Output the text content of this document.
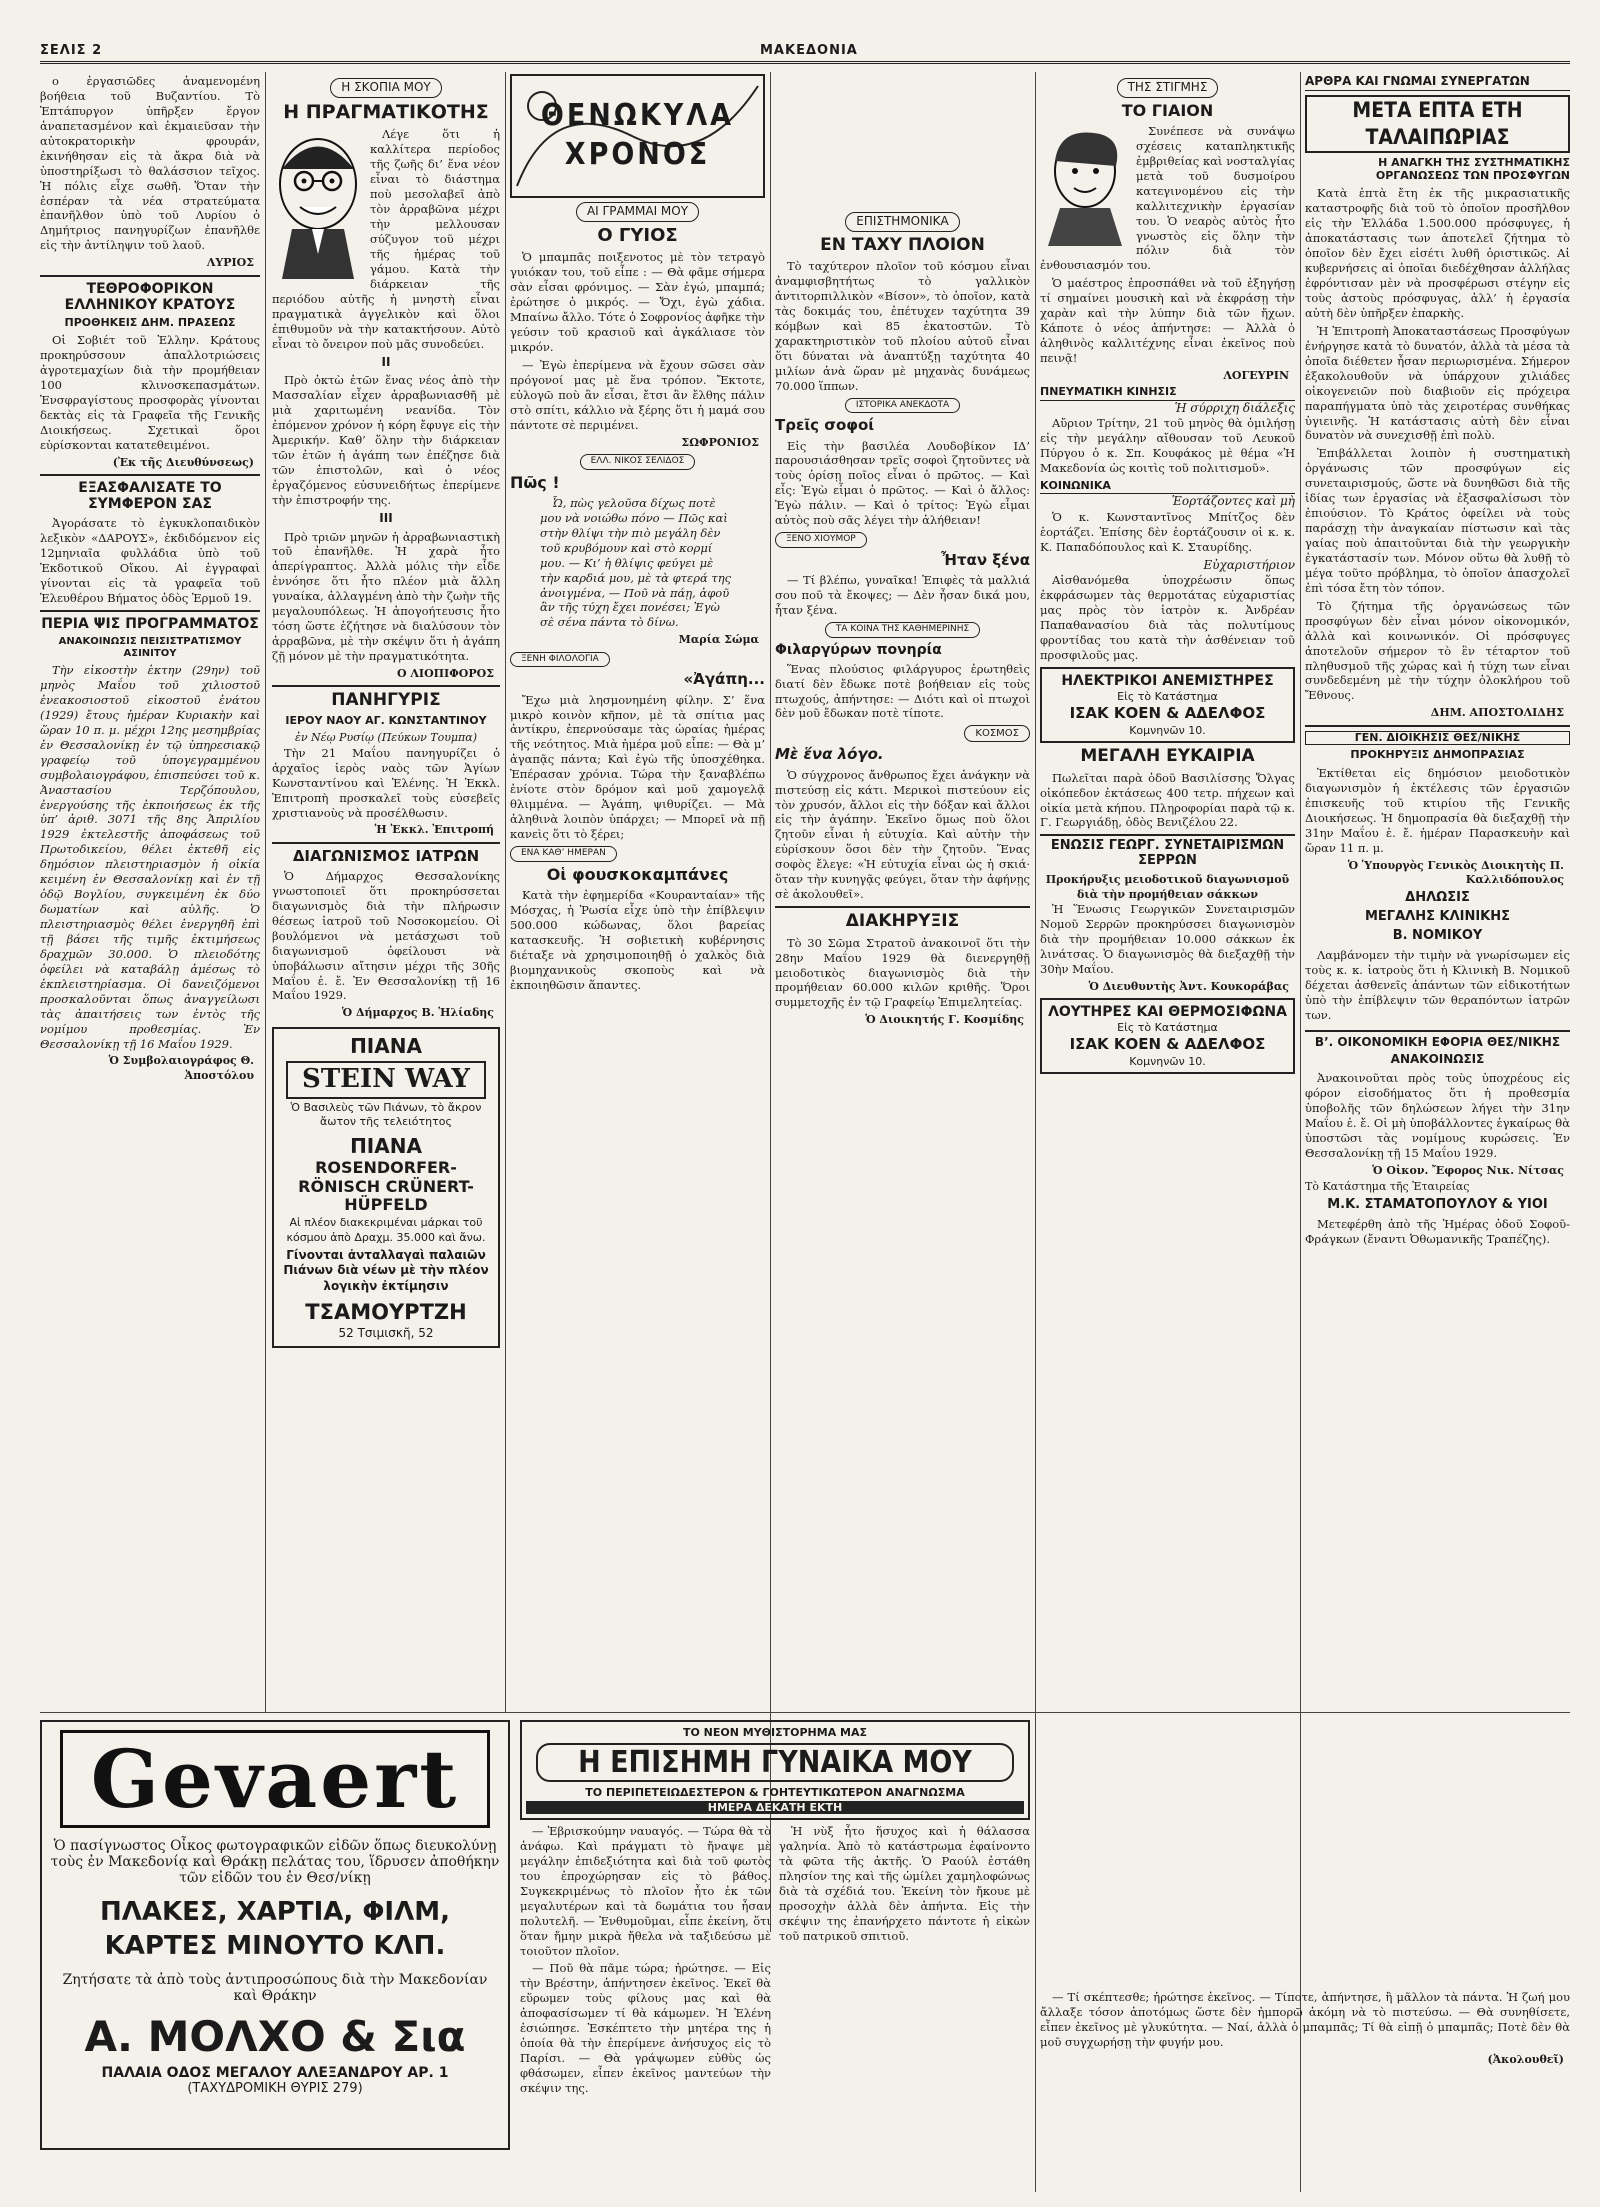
ΣΕΛΙΣ 2	ΜΑΚΕΔΟΝΙΑ

ο ἐργασιῶδες ἀναμενομένη βοήθεια τοῦ Βυζαντίου. Τὸ Ἑπτάπυργον ὑπῆρξεν ἔργον ἀναπετασμένον καὶ ἐκμαιεῦσαν τὴν αὐτοκρατορικὴν φρουράν, ἐκινήθησαν εἰς τὰ ἄκρα διὰ νὰ ὑποστηρίξωσι τὸ θαλάσσιον τεῖχος. Ἡ πόλις εἶχε σωθῆ. Ὅταν τὴν ἑσπέραν τὰ νέα στρατεύματα ἐπανῆλθον ὑπὸ τοῦ Λυρίου ὁ Δημήτριος πανηγυρίζων ἐπανῆλθε εἰς τὴν ἀντίληψιν τοῦ λαοῦ.

ΛΥΡΙΟΣ
ΤΕΘΡΟΦΟΡΙΚΟΝ ΕΛΛΗΝΙΚΟΥ ΚΡΑΤΟΥΣ
ΠΡΟΘΗΚΕΙΣ ΔΗΜ. ΠΡΑΣΕΩΣ

Οἱ Σοβιέτ τοῦ Ἑλλην. Κράτους προκηρύσσουν ἀπαλλοτριώσεις ἀγροτεμαχίων διὰ τὴν προμήθειαν 100 κλινοσκεπασμάτων. Ἐνσφραγίστους προσφορὰς γίνονται δεκτὰς εἰς τὰ Γραφεῖα τῆς Γενικῆς Διοικήσεως. Σχετικαὶ ὅροι εὑρίσκονται κατατεθειμένοι.

(Ἐκ τῆς Διευθύνσεως)
ΕΞΑΣΦΑΛΙΣΑΤΕ ΤΟ ΣΥΜΦΕΡΟΝ ΣΑΣ

Ἀγοράσατε τὸ ἐγκυκλοπαιδικὸν λεξικὸν «ΔΑΡΟΥΣ», ἐκδιδόμενον εἰς 12μηνιαῖα φυλλάδια ὑπὸ τοῦ Ἐκδοτικοῦ Οἴκου. Αἱ ἐγγραφαὶ γίνονται εἰς τὰ γραφεῖα τοῦ Ἑλευθέρου Βήματος ὁδὸς Ἑρμοῦ 19.

ΠΕΡΙΑ ΨΙΣ ΠΡΟΓΡΑΜΜΑΤΟΣ
ΑΝΑΚΟΙΝΩΣΙΣ ΠΕΙΣΙΣΤΡΑΤΙΣΜΟΥ ΑΣΙΝΙΤΟΥ

Τὴν εἰκοστὴν ἑκτην (29ην) τοῦ μηνὸς Μαΐου τοῦ χιλιοστοῦ ἐνεακοσιοστοῦ εἰκοστοῦ ἐνάτου (1929) ἔτους ἡμέραν Κυριακὴν καὶ ὥραν 10 π. μ. μέχρι 12ης μεσημβρίας ἐν Θεσσαλονίκῃ ἐν τῷ ὑπηρεσιακῷ γραφείῳ τοῦ ὑπογεγραμμένου συμβολαιογράφου, ἐπισπεύσει τοῦ κ. Ἀναστασίου Τερζόπουλου, ἐνεργούσης τῆς ἐκποιήσεως ἐκ τῆς ὑπ’ ἀριθ. 3071 τῆς 8ης Ἀπριλίου 1929 ἐκτελεστῆς ἀποφάσεως τοῦ Πρωτοδικείου, θέλει ἐκτεθῆ εἰς δημόσιον πλειστηριασμὸν ἡ οἰκία κειμένη ἐν Θεσσαλονίκῃ καὶ ἐν τῇ ὁδῷ Βογλίου, συγκειμένη ἐκ δύο δωματίων καὶ αὐλῆς. Ὁ πλειστηριασμὸς θέλει ἐνεργηθῆ ἐπὶ τῇ βάσει τῆς τιμῆς ἐκτιμήσεως δραχμῶν 30.000. Ὁ πλειοδότης ὀφείλει νὰ καταβάλῃ ἀμέσως τὸ ἐκπλειστηρίασμα. Οἱ δανειζόμενοι προσκαλοῦνται ὅπως ἀναγγείλωσι τὰς ἀπαιτήσεις των ἐντὸς τῆς νομίμου προθεσμίας. Ἐν Θεσσαλονίκῃ τῇ 16 Μαΐου 1929.

Ὁ Συμβολαιογράφος Θ. Ἀποστόλου
Η ΣΚΟΠΙΑ ΜΟΥ
Η ΠΡΑΓΜΑΤΙΚΟΤΗΣ

Λέγε ὅτι ἡ καλλίτερα περίοδος τῆς ζωῆς δι’ ἕνα νέον εἶναι τὸ διάστημα ποὺ μεσολαβεῖ ἀπὸ τὸν ἀρραβῶνα μέχρι τὴν μελλουσαν σύζυγον τοῦ μέχρι τῆς ἡμέρας τοῦ γάμου. Κατὰ τὴν διάρκειαν τῆς περιόδου αὐτῆς ἡ μνηστὴ εἶναι πραγματικὰ ἀγγελικὸν καὶ ὅλοι ἐπιθυμοῦν νὰ τὴν κατακτήσουν. Αὐτὸ εἶναι τὸ ὄνειρον ποὺ μᾶς συνοδεύει.

II

Πρὸ ὀκτὼ ἐτῶν ἕνας νέος ἀπὸ τὴν Μασσαλίαν εἶχεν ἀρραβωνιασθῆ μὲ μιὰ χαριτωμένη νεανίδα. Τὸν ἐπόμενον χρόνον ἡ κόρη ἔφυγε εἰς τὴν Ἀμερικήν. Καθ’ ὅλην τὴν διάρκειαν τῶν ἐτῶν ἡ ἀγάπη των ἐπέζησε διὰ τῶν ἐπιστολῶν, καὶ ὁ νέος ἐργαζόμενος εὐσυνειδήτως ἐπερίμενε τὴν ἐπιστροφήν της.

III

Πρὸ τριῶν μηνῶν ἡ ἀρραβωνιαστικὴ τοῦ ἐπανῆλθε. Ἡ χαρὰ ἦτο ἀπερίγραπτος. Ἀλλὰ μόλις τὴν εἶδε ἐννόησε ὅτι ἦτο πλέον μιὰ ἄλλη γυναίκα, ἀλλαγμένη ἀπὸ τὴν ζωὴν τῆς μεγαλουπόλεως. Ἡ ἀπογοήτευσις ἦτο τόση ὥστε ἐζήτησε νὰ διαλύσουν τὸν ἀρραβῶνα, μὲ τὴν σκέψιν ὅτι ἡ ἀγάπη ζῇ μόνον μὲ τὴν πραγματικότητα.

Ο ΛΙΟΠΙΦΟΡΟΣ
ΠΑΝΗΓΥΡΙΣ
ΙΕΡΟΥ ΝΑΟΥ ΑΓ. ΚΩΝΣΤΑΝΤΙΝΟΥ
ἐν Νέῳ Ρυσίῳ (Πεύκων Τουμπα)

Τὴν 21 Μαΐου πανηγυρίζει ὁ ἀρχαῖος ἱερὸς ναὸς τῶν Ἁγίων Κωνσταντίνου καὶ Ἑλένης. Ἡ Ἐκκλ. Ἐπιτροπὴ προσκαλεῖ τοὺς εὐσεβεῖς χριστιανοὺς νὰ προσέλθωσιν.

Ἡ Ἐκκλ. Ἐπιτροπή
ΔΙΑΓΩΝΙΣΜΟΣ ΙΑΤΡΩΝ

Ὁ Δήμαρχος Θεσσαλονίκης γνωστοποιεῖ ὅτι προκηρύσσεται διαγωνισμὸς διὰ τὴν πλήρωσιν θέσεως ἰατροῦ τοῦ Νοσοκομείου. Οἱ βουλόμενοι νὰ μετάσχωσι τοῦ διαγωνισμοῦ ὀφείλουσι νὰ ὑποβάλωσιν αἴτησιν μέχρι τῆς 30ῆς Μαΐου ἐ. ἔ. Ἐν Θεσσαλονίκῃ τῇ 16 Μαΐου 1929.

Ὁ Δήμαρχος Β. Ἡλίαδης
ΠΙΑΝΑ
STEIN WAY
Ὁ Βασιλεὺς τῶν Πιάνων, τὸ ἄκρον ἄωτον τῆς τελειότητος
ΠΙΑΝΑ
ROSENDORFER-RÖNISCH CRÜNERT-HÜPFELD
Αἱ πλέον διακεκριμέναι μάρκαι τοῦ κόσμου ἀπὸ Δραχμ. 35.000 καὶ ἄνω.
Γίνονται ἀνταλλαγαὶ παλαιῶν Πιάνων διὰ νέων μὲ τὴν πλέον λογικὴν ἐκτίμησιν
ΤΣΑΜΟΥΡΤΖΗ
52 Τσιμισκῆ, 52
ΘΕΝΩΚΥΛΑ ΧΡΟΝΟΣ
ΑΙ ΓΡΑΜΜΑΙ ΜΟΥ
Ο ΓΥΙΟΣ

Ὁ μπαμπᾶς ποιξενοτος μὲ τὸν τετραγὸ γυιόκαν του, τοῦ εἶπε : — Θὰ φᾶμε σήμερα σὰν εἶσαι φρόνιμος. — Σὰν ἐγώ, μπαμπά; ἐρώτησε ὁ μικρός. — Ὄχι, ἐγὼ χάδια. Μπαίνω ἄλλο. Τότε ὁ Σοφρονίος ἀφῆκε τὴν γεύσιν τοῦ κρασιοῦ καὶ ἀγκάλιασε τὸν μικρόν.

— Ἐγὼ ἐπερίμενα νὰ ἔχουν σῶσει σὰν πρόγονοί μας μὲ ἕνα τρόπον. Ἔκτοτε, εὐλογῶ ποὺ ἂν εἶσαι, ἔτσι ἂν ἔλθης πάλιν στὸ σπίτι, κάλλιο νὰ ξέρης ὅτι ἡ μαμά σου πάντοτε σὲ περιμένει.

ΣΩΦΡΟΝΙΟΣ
ΕΛΛ. ΝΙΚΟΣ ΣΕΛΙΔΟΣ
Πῶς !

Ὦ, πὼς γελοῦσα δίχως ποτὲ μου νὰ νοιώθω πόνο — Πῶς καὶ στὴν θλίψι τὴν πιὸ μεγάλη δὲν τοῦ κρυβόμουν καὶ στὸ κορμί μου. — Κι’ ἡ θλίψις φεύγει μὲ τὴν καρδιά μου, μὲ τὰ φτερά της ἀνοιγμένα, — Ποῦ νὰ πάῃ, ἀφοῦ ἂν τῆς τύχη ἔχει πονέσει; Ἐγὼ σὲ σένα πάντα τὸ δίνω.

Μαρία Σώμα
ΞΕΝΗ ΦΙΛΟΛΟΓΙΑ
«Ἀγάπη...

Ἔχω μιὰ λησμονημένη φίλην. Σ’ ἕνα μικρὸ κοινὸν κῆπον, μὲ τὰ σπίτια μας ἀντίκρυ, ἐπερνούσαμε τὰς ὡραίας ἡμέρας τῆς νεότητος. Μιὰ ἡμέρα μοῦ εἶπε: — Θὰ μ’ ἀγαπᾷς πάντα; Καὶ ἐγὼ τῆς ὑποσχέθηκα. Ἐπέρασαν χρόνια. Τώρα τὴν ξαναβλέπω ἐνίοτε στὸν δρόμον καὶ μοῦ χαμογελᾷ θλιμμένα. — Ἀγάπη, ψιθυρίζει. — Μὰ ἀληθινὰ λοιπὸν ὑπάρχει; — Μπορεῖ νὰ πῇ κανεὶς ὅτι τὸ ξέρει;

ΕΝΑ ΚΑΘ’ ΗΜΕΡΑΝ
Οἱ φουσκοκαμπάνες

Κατὰ τὴν ἐφημερίδα «Κουρανταίαν» τῆς Μόσχας, ἡ Ῥωσία εἶχε ὑπὸ τὴν ἐπίβλεψιν 500.000 κώδωνας, ὅλοι βαρείας κατασκευῆς. Ἡ σοβιετικὴ κυβέρνησις διέταξε νὰ χρησιμοποιηθῇ ὁ χαλκὸς διὰ βιομηχανικοὺς σκοποὺς καὶ νὰ ἐκποιηθῶσιν ἅπαντες.

ΕΠΙΣΤΗΜΟΝΙΚΑ
ΕΝ ΤΑΧΥ ΠΛΟΙΟΝ

Τὸ ταχύτερον πλοῖον τοῦ κόσμου εἶναι ἀναμφισβητήτως τὸ γαλλικὸν ἀντιτορπιλλικὸν «Βίσον», τὸ ὁποῖον, κατὰ τὰς δοκιμάς του, ἐπέτυχεν ταχύτητα 39 κόμβων καὶ 85 ἑκατοστῶν. Τὸ χαρακτηριστικὸν τοῦ πλοίου αὐτοῦ εἶναι ὅτι δύναται νὰ ἀναπτύξῃ ταχύτητα 40 μιλίων ἀνὰ ὥραν μὲ μηχανὰς δυνάμεως 70.000 ἵππων.

ΙΣΤΟΡΙΚΑ ΑΝΕΚΔΟΤΑ
Τρεῖς σοφοί

Εἰς τὴν βασιλέα Λουδοβίκον ΙΔ’ παρουσιάσθησαν τρεῖς σοφοὶ ζητοῦντες νὰ τοὺς ὁρίσῃ ποῖος εἶναι ὁ πρῶτος. — Καὶ εἶς: Ἐγὼ εἶμαι ὁ πρῶτος. — Καὶ ὁ ἄλλος: Ἐγὼ πάλιν. — Καὶ ὁ τρίτος: Ἐγὼ εἶμαι αὐτὸς ποὺ σᾶς λέγει τὴν ἀλήθειαν!

ΞΕΝΟ ΧΙΟΥΜΟΡ
Ἦταν ξένα

— Τί βλέπω, γυναῖκα! Ἐπιφὲς τὰ μαλλιά σου ποῦ τὰ ἔκοψες; — Δὲν ἦσαν δικά μου, ἦταν ξένα.

ΤΑ ΚΟΙΝΑ ΤΗΣ ΚΑΘΗΜΕΡΙΝΗΣ
Φιλαργύρων πονηρία

Ἕνας πλούσιος φιλάργυρος ἐρωτηθεὶς διατί δὲν ἔδωκε ποτὲ βοήθειαν εἰς τοὺς πτωχούς, ἀπήντησε: — Διότι καὶ οἱ πτωχοὶ δὲν μοῦ ἔδωκαν ποτὲ τίποτε.

ΚΟΣΜΟΣ
Μὲ ἕνα λόγο.

Ὁ σύγχρονος ἄνθρωπος ἔχει ἀνάγκην νὰ πιστεύσῃ εἰς κάτι. Μερικοὶ πιστεύουν εἰς τὸν χρυσόν, ἄλλοι εἰς τὴν δόξαν καὶ ἄλλοι εἰς τὴν ἀγάπην. Ἐκεῖνο ὅμως ποὺ ὅλοι ζητοῦν εἶναι ἡ εὐτυχία. Καὶ αὐτὴν τὴν εὑρίσκουν ὅσοι δὲν τὴν ζητοῦν. Ἕνας σοφὸς ἔλεγε: «Ἡ εὐτυχία εἶναι ὡς ἡ σκιά· ὅταν τὴν κυνηγᾷς φεύγει, ὅταν τὴν ἀφήνῃς σὲ ἀκολουθεῖ».

ΔΙΑΚΗΡΥΞΙΣ

Τὸ 30 Σῶμα Στρατοῦ ἀνακοινοῖ ὅτι τὴν 28ην Μαΐου 1929 θὰ διενεργηθῇ μειοδοτικὸς διαγωνισμὸς διὰ τὴν προμήθειαν 60.000 κιλῶν κριθῆς. Ὅροι συμμετοχῆς ἐν τῷ Γραφείῳ Ἐπιμελητείας.

Ὁ Διοικητής Γ. Κοσμίδης
ΤΗΣ ΣΤΙΓΜΗΣ
ΤΟ ΓΙΑΙΟΝ

Συνέπεσε νὰ συνάψω σχέσεις καταπληκτικῆς ἐμβριθείας καὶ νοσταλγίας μετὰ τοῦ δυσμοίρου κατεγινομένου εἰς τὴν καλλιτεχνικὴν ἐργασίαν του. Ὁ νεαρὸς αὐτὸς ἦτο γνωστὸς εἰς ὅλην τὴν πόλιν διὰ τὸν ἐνθουσιασμόν του.

Ὁ μαέστρος ἐπροσπάθει νὰ τοῦ ἐξηγήσῃ τί σημαίνει μουσικὴ καὶ νὰ ἐκφράσῃ τὴν χαρὰν καὶ τὴν λύπην διὰ τῶν ἤχων. Κάποτε ὁ νέος ἀπήντησε: — Ἀλλὰ ὁ ἀληθινὸς καλλιτέχνης εἶναι ἐκεῖνος ποὺ πεινᾷ!

ΛΟΓΕΥΡΙΝ
ΠΝΕΥΜΑΤΙΚΗ ΚΙΝΗΣΙΣ
Ἡ σύρριχη διάλεξις

Αὔριον Τρίτην, 21 τοῦ μηνὸς θὰ ὁμιλήσῃ εἰς τὴν μεγάλην αἴθουσαν τοῦ Λευκοῦ Πύργου ὁ κ. Σπ. Κουφάκος μὲ θέμα «Ἡ Μακεδονία ὡς κοιτὶς τοῦ πολιτισμοῦ».

ΚΟΙΝΩΝΙΚΑ
Ἑορτάζοντες καὶ μὴ

Ὁ κ. Κωνσταντῖνος Μπίτζος δὲν ἑορτάζει. Ἐπίσης δὲν ἑορτάζουσιν οἱ κ. κ. Κ. Παπαδόπουλος καὶ Κ. Σταυρίδης.

Εὐχαριστήριον

Αἰσθανόμεθα ὑποχρέωσιν ὅπως ἐκφράσωμεν τὰς θερμοτάτας εὐχαριστίας μας πρὸς τὸν ἰατρὸν κ. Ἀνδρέαν Παπαθανασίου διὰ τὰς πολυτίμους φροντίδας του κατὰ τὴν ἀσθένειαν τοῦ προσφιλοῦς μας.

ΗΛΕΚΤΡΙΚΟΙ ΑΝΕΜΙΣΤΗΡΕΣ
Εἰς τὸ Κατάστημα
ΙΣΑΚ ΚΟΕΝ & ΑΔΕΛΦΟΣ
Κομνηνῶν 10.
ΜΕΓΑΛΗ ΕΥΚΑΙΡΙΑ

Πωλεῖται παρὰ ὁδοῦ Βασιλίσσης Ὄλγας οἰκόπεδον ἐκτάσεως 400 τετρ. πήχεων καὶ οἰκία μετὰ κήπου. Πληροφορίαι παρὰ τῷ κ. Γ. Γεωργιάδῃ, ὁδὸς Βενιζέλου 22.

ΕΝΩΣΙΣ ΓΕΩΡΓ. ΣΥΝΕΤΑΙΡΙΣΜΩΝ ΣΕΡΡΩΝ
Προκήρυξις μειοδοτικοῦ διαγωνισμοῦ διὰ τὴν προμήθειαν σάκκων

Ἡ Ἕνωσις Γεωργικῶν Συνεταιρισμῶν Νομοῦ Σερρῶν προκηρύσσει διαγωνισμὸν διὰ τὴν προμήθειαν 10.000 σάκκων ἐκ λινάτσας. Ὁ διαγωνισμὸς θὰ διεξαχθῇ τὴν 30ὴν Μαΐου.

Ὁ Διευθυντὴς Ἀντ. Κουκοράβας
ΛΟΥΤΗΡΕΣ ΚΑΙ ΘΕΡΜΟΣΙΦΩΝΑ
Εἰς τὸ Κατάστημα
ΙΣΑΚ ΚΟΕΝ & ΑΔΕΛΦΟΣ
Κομνηνῶν 10.
ΑΡΘΡΑ ΚΑΙ ΓΝΩΜΑΙ ΣΥΝΕΡΓΑΤΩΝ
ΜΕΤΑ ΕΠΤΑ ΕΤΗ ΤΑΛΑΙΠΩΡΙΑΣ
Η ΑΝΑΓΚΗ ΤΗΣ ΣΥΣΤΗΜΑΤΙΚΗΣ ΟΡΓΑΝΩΣΕΩΣ ΤΩΝ ΠΡΟΣΦΥΓΩΝ

Κατὰ ἐπτὰ ἔτη ἐκ τῆς μικρασιατικῆς καταστροφῆς διὰ τοῦ τὸ ὁποῖον προσῆλθον εἰς τὴν Ἑλλάδα 1.500.000 πρόσφυγες, ἡ ἀποκατάστασις των ἀποτελεῖ ζήτημα τὸ ὁποῖον δὲν ἔχει εἰσέτι λυθῆ ὁριστικῶς. Αἱ κυβερνήσεις αἱ ὁποῖαι διεδέχθησαν ἀλλήλας ἐφρόντισαν μὲν νὰ προσφέρωσι στέγην εἰς τοὺς ἀστοὺς πρόσφυγας, ἀλλ’ ἡ ἐργασία αὐτὴ δὲν ὑπῆρξεν ἐπαρκὴς.

Ἡ Ἐπιτροπὴ Ἀποκαταστάσεως Προσφύγων ἐνήργησε κατὰ τὸ δυνατόν, ἀλλὰ τὰ μέσα τὰ ὁποῖα διέθετεν ἦσαν περιωρισμένα. Σήμερον ἐξακολουθοῦν νὰ ὑπάρχουν χιλιάδες οἰκογενειῶν ποὺ διαβιοῦν εἰς πρόχειρα παραπήγματα ὑπὸ τὰς χειροτέρας συνθήκας ὑγιεινῆς. Ἡ κατάστασις αὐτὴ δὲν εἶναι δυνατὸν νὰ συνεχισθῇ ἐπὶ πολὺ.

Ἐπιβάλλεται λοιπὸν ἡ συστηματικὴ ὀργάνωσις τῶν προσφύγων εἰς συνεταιρισμούς, ὥστε νὰ δυνηθῶσι διὰ τῆς ἰδίας των ἐργασίας νὰ ἐξασφαλίσωσι τὸν ἐπιούσιον. Τὸ Κράτος ὀφείλει νὰ τοὺς παράσχῃ τὴν ἀναγκαίαν πίστωσιν καὶ τὰς γαίας ποὺ ἀπαιτοῦνται διὰ τὴν γεωργικὴν ἐγκατάστασίν των. Μόνον οὕτω θὰ λυθῇ τὸ μέγα τοῦτο πρόβλημα, τὸ ὁποῖον ἀπασχολεῖ ἐπὶ τόσα ἔτη τὸν τόπον.

Τὸ ζήτημα τῆς ὀργανώσεως τῶν προσφύγων δὲν εἶναι μόνον οἰκονομικόν, ἀλλὰ καὶ κοινωνικόν. Οἱ πρόσφυγες ἀποτελοῦν σήμερον τὸ ἓν τέταρτον τοῦ πληθυσμοῦ τῆς χώρας καὶ ἡ τύχη των εἶναι συνδεδεμένη μὲ τὴν τύχην ὁλοκλήρου τοῦ Ἔθνους.

ΔΗΜ. ΑΠΟΣΤΟΛΙΔΗΣ
ΓΕΝ. ΔΙΟΙΚΗΣΙΣ ΘΕΣ/ΝΙΚΗΣ
ΠΡΟΚΗΡΥΞΙΣ ΔΗΜΟΠΡΑΣΙΑΣ

Ἐκτίθεται εἰς δημόσιον μειοδοτικὸν διαγωνισμὸν ἡ ἐκτέλεσις τῶν ἐργασιῶν ἐπισκευῆς τοῦ κτιρίου τῆς Γενικῆς Διοικήσεως. Ἡ δημοπρασία θὰ διεξαχθῇ τὴν 31ην Μαΐου ἐ. ἔ. ἡμέραν Παρασκευὴν καὶ ὥραν 11 π. μ.

Ὁ Ὑπουργὸς Γενικὸς Διοικητὴς Π. Καλλιδόπουλος
ΔΗΛΩΣΙΣ
ΜΕΓΑΛΗΣ ΚΛΙΝΙΚΗΣ
Β. ΝΟΜΙΚΟΥ

Λαμβάνομεν τὴν τιμὴν νὰ γνωρίσωμεν εἰς τοὺς κ. κ. ἰατροὺς ὅτι ἡ Κλινικὴ Β. Νομικοῦ δέχεται ἀσθενεῖς ἁπάντων τῶν εἰδικοτήτων ὑπὸ τὴν ἐπίβλεψιν τῶν θεραπόντων ἰατρῶν των.

Β’. ΟΙΚΟΝΟΜΙΚΗ ΕΦΟΡΙΑ ΘΕΣ/ΝΙΚΗΣ
ΑΝΑΚΟΙΝΩΣΙΣ

Ἀνακοινοῦται πρὸς τοὺς ὑποχρέους εἰς φόρον εἰσοδήματος ὅτι ἡ προθεσμία ὑποβολῆς τῶν δηλώσεων λήγει τὴν 31ην Μαΐου ἐ. ἔ. Οἱ μὴ ὑποβάλλοντες ἐγκαίρως θὰ ὑποστῶσι τὰς νομίμους κυρώσεις. Ἐν Θεσσαλονίκῃ τῇ 15 Μαΐου 1929.

Ὁ Οἰκον. Ἔφορος Νικ. Νίτσας
Τὸ Κατάστημα τῆς Ἑταιρείας
Μ.Κ. ΣΤΑΜΑΤΟΠΟΥΛΟΥ & ΥΙΟΙ

Μετεφέρθη ἀπὸ τῆς Ἠμέρας ὁδοῦ Σοφοῦ-Φράγκων (ἔναντι Ὀθωμανικῆς Τραπέζης).

Gevaert
Ὁ πασίγνωστος Οἶκος φωτογραφικῶν εἰδῶν ὅπως διευκολύνῃ τοὺς ἐν Μακεδονίᾳ καὶ Θράκῃ πελάτας του, ἵδρυσεν ἀποθήκην τῶν εἰδῶν του ἐν Θεσ/νίκῃ
ΠΛΑΚΕΣ, ΧΑΡΤΙΑ, ΦΙΛΜ, ΚΑΡΤΕΣ ΜΙΝΟΥΤΟ ΚΛΠ.
Ζητήσατε τὰ ἀπὸ τοὺς ἀντιπροσώπους διὰ τὴν Μακεδονίαν καὶ Θράκην
Α. ΜΟΛΧΟ & Σια
ΠΑΛΑΙΑ ΟΔΟΣ ΜΕΓΑΛΟΥ ΑΛΕΞΑΝΔΡΟΥ ΑΡ. 1
(ΤΑΧΥΔΡΟΜΙΚΗ ΘΥΡΙΣ 279)
ΤΟ ΝΕΟΝ ΜΥΘΙΣΤΟΡΗΜΑ ΜΑΣ
Η ΕΠΙΣΗΜΗ ΓΥΝΑΙΚΑ ΜΟΥ
ΤΟ ΠΕΡΙΠΕΤΕΙΩΔΕΣΤΕΡΟΝ & ΓΟΗΤΕΥΤΙΚΩΤΕΡΟΝ ΑΝΑΓΝΩΣΜΑ
ΗΜΕΡΑ ΔΕΚΑΤΗ ΕΚΤΗ

— Ἐβρισκούμην ναυαγός. — Τώρα θὰ τὸ ἀνάφω. Καὶ πράγματι τὸ ἤναψε μὲ μεγάλην ἐπιδεξιότητα καὶ διὰ τοῦ φωτὸς του ἐπροχώρησαν εἰς τὸ βάθος. Συγκεκριμένως τὸ πλοῖον ἦτο ἐκ τῶν μεγαλυτέρων καὶ τὰ δωμάτια του ἦσαν πολυτελῆ. — Ἐνθυμοῦμαι, εἶπε ἐκείνη, ὅτι ὅταν ἤμην μικρὰ ἤθελα νὰ ταξιδεύσω μὲ τοιοῦτον πλοῖον.

— Ποῦ θὰ πᾶμε τώρα; ἠρώτησε. — Εἰς τὴν Βρέστην, ἀπήντησεν ἐκεῖνος. Ἐκεῖ θὰ εὕρωμεν τοὺς φίλους μας καὶ θὰ ἀποφασίσωμεν τί θὰ κάμωμεν. Ἡ Ἑλένη ἐσιώπησε. Ἐσκέπτετο τὴν μητέρα της ἡ ὁποία θὰ τὴν ἐπερίμενε ἀνήσυχος εἰς τὸ Παρίσι. — Θὰ γράψωμεν εὐθὺς ὡς φθάσωμεν, εἶπεν ἐκεῖνος μαντεύων τὴν σκέψιν της.

Ἡ νὺξ ἦτο ἥσυχος καὶ ἡ θάλασσα γαληνία. Ἀπὸ τὸ κατάστρωμα ἐφαίνοντο τὰ φῶτα τῆς ἀκτῆς. Ὁ Ραούλ ἐστάθη πλησίον της καὶ τῆς ὡμίλει χαμηλοφώνως διὰ τὰ σχέδιά του. Ἐκείνη τὸν ἤκουε μὲ προσοχὴν ἀλλὰ δὲν ἀπήντα. Εἰς τὴν σκέψιν της ἐπανήρχετο πάντοτε ἡ εἰκὼν τοῦ πατρικοῦ σπιτιοῦ.

— Τί σκέπτεσθε; ἠρώτησε ἐκεῖνος. — Τίποτε, ἀπήντησε, ἢ μᾶλλον τὰ πάντα. Ἡ ζωή μου ἄλλαξε τόσον ἀποτόμως ὥστε δὲν ἠμπορῶ ἀκόμη νὰ τὸ πιστεύσω. — Θὰ συνηθίσετε, εἶπεν ἐκεῖνος μὲ γλυκύτητα. — Ναί, ἀλλὰ ὁ μπαμπᾶς; Τί θὰ εἰπῇ ὁ μπαμπᾶς; Ποτὲ δὲν θὰ μοῦ συγχωρήσῃ τὴν φυγήν μου.

(Ἀκολουθεῖ)
